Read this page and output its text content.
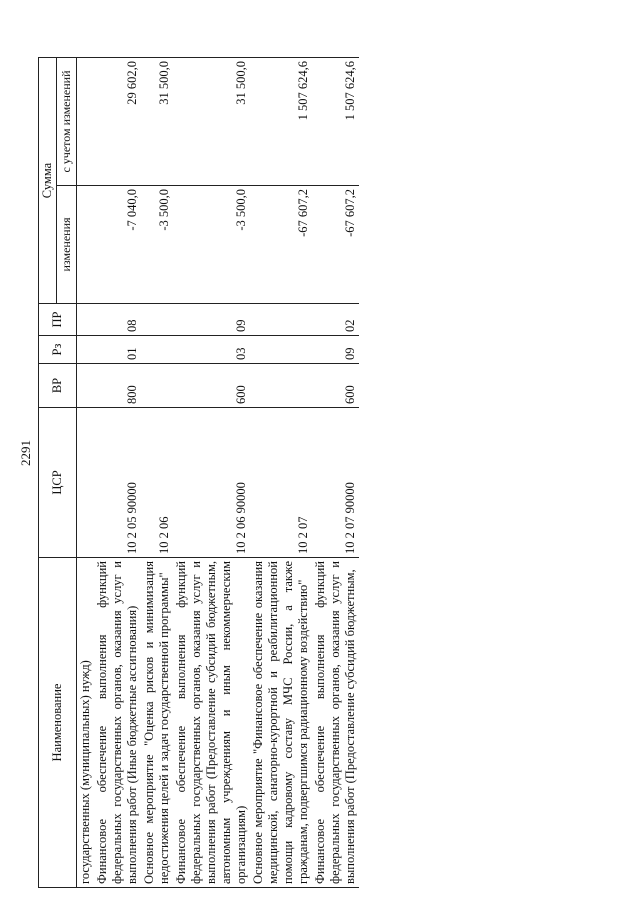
2291
Наименование	ЦСР	ВР	Рз	ПР	Сумма	
					изменения	с учетом изменений
государственных (муниципальных) нужд)						
Финансовое обеспечение выполнения функций федеральных государственных органов, оказания услуг и выполнения работ (Иные бюджетные ассигнования)	10 2 05 90000	800	01	08	-7 040,0	29 602,0
Основное мероприятие "Оценка рисков и минимизация недостижения целей и задач государственной программы"	10 2 06				-3 500,0	31 500,0
Финансовое обеспечение выполнения функций федеральных государственных органов, оказания услуг и выполнения работ (Предоставление субсидий бюджетным, автономным учреждениям и иным некоммерческим организациям)	10 2 06 90000	600	03	09	-3 500,0	31 500,0
Основное мероприятие "Финансовое обеспечение оказания медицинской, санаторно-курортной и реабилитационной помощи кадровому составу МЧС России, а также гражданам, подвергшимся радиационному воздействию"	10 2 07				-67 607,2	1 507 624,6
Финансовое обеспечение выполнения функций федеральных государственных органов, оказания услуг и выполнения работ (Предоставление субсидий бюджетным,	10 2 07 90000	600	09	02	-67 607,2	1 507 624,6
